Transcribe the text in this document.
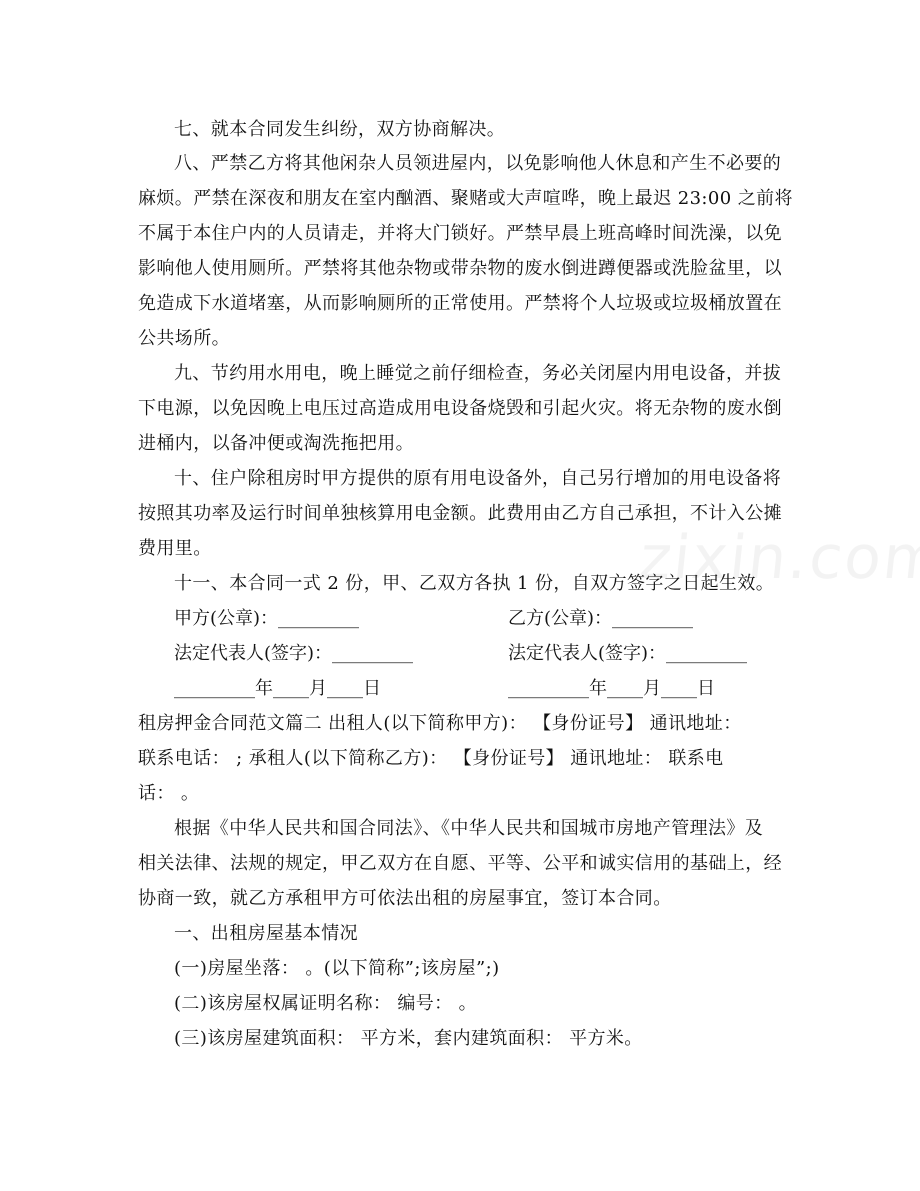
七、就本合同发生纠纷，双方协商解决。
八、严禁乙方将其他闲杂人员领进屋内，以免影响他人休息和产生不必要的
麻烦。严禁在深夜和朋友在室内酗酒、聚赌或大声喧哗，晚上最迟 23:00 之前将
不属于本住户内的人员请走，并将大门锁好。严禁早晨上班高峰时间洗澡，以免
影响他人使用厕所。严禁将其他杂物或带杂物的废水倒进蹲便器或洗脸盆里，以
免造成下水道堵塞，从而影响厕所的正常使用。严禁将个人垃圾或垃圾桶放置在
公共场所。
九、节约用水用电，晚上睡觉之前仔细检查，务必关闭屋内用电设备，并拔
下电源，以免因晚上电压过高造成用电设备烧毁和引起火灾。将无杂物的废水倒
进桶内，以备冲便或淘洗拖把用。
十、住户除租房时甲方提供的原有用电设备外，自己另行增加的用电设备将
按照其功率及运行时间单独核算用电金额。此费用由乙方自己承担，不计入公摊
费用里。
十一、本合同一式 2 份，甲、乙双方各执 1 份，自双方签字之日起生效。
甲方(公章)：_________	乙方(公章)：_________
法定代表人(签字)：_________	法定代表人(签字)：_________
_________年____月____日	_________年____月____日
租房押金合同范文篇二 出租人(以下简称甲方)： 【身份证号】 通讯地址：
联系电话： ; 承租人(以下简称乙方)： 【身份证号】 通讯地址： 联系电
话： 。
根据《中华人民共和国合同法》、《中华人民共和国城市房地产管理法》及
相关法律、法规的规定，甲乙双方在自愿、平等、公平和诚实信用的基础上，经
协商一致，就乙方承租甲方可依法出租的房屋事宜，签订本合同。
一、出租房屋基本情况
(一)房屋坐落： 。(以下简称”;该房屋”;)
(二)该房屋权属证明名称： 编号： 。
(三)该房屋建筑面积： 平方米，套内建筑面积： 平方米。
